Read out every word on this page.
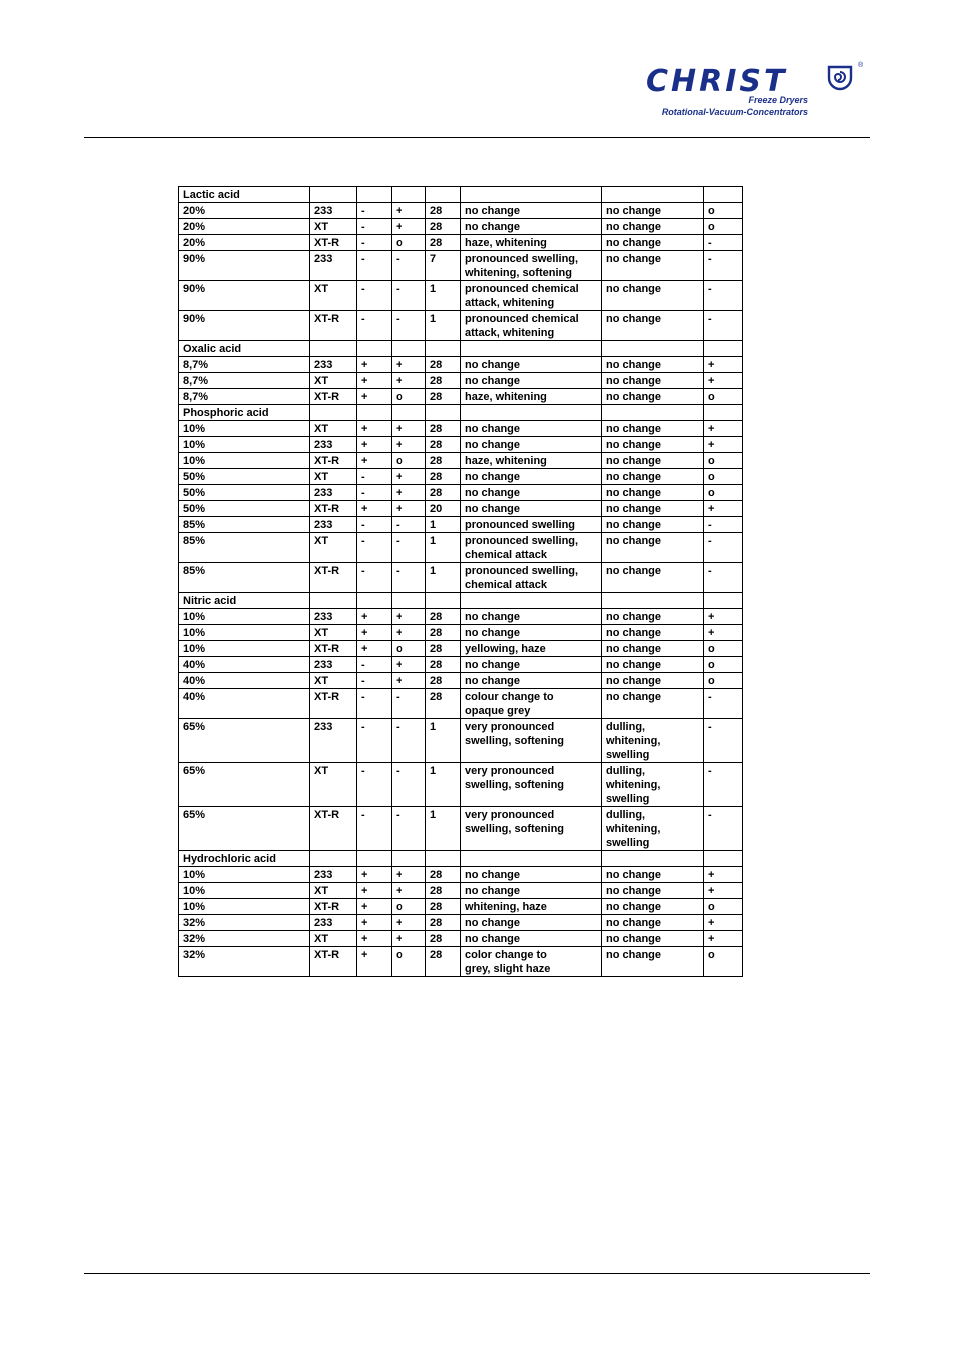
CHRIST	®
Freeze Dryers
Rotational-Vacuum-Concentrators
Lactic acid							
20%	233	-	+	28	no change	no change	o
20%	XT	-	+	28	no change	no change	o
20%	XT-R	-	o	28	haze, whitening	no change	-
90%	233	-	-	7	pronounced swelling,
whitening, softening	no change	-
90%	XT	-	-	1	pronounced chemical
attack, whitening	no change	-
90%	XT-R	-	-	1	pronounced chemical
attack, whitening	no change	-
Oxalic acid							
8,7%	233	+	+	28	no change	no change	+
8,7%	XT	+	+	28	no change	no change	+
8,7%	XT-R	+	o	28	haze, whitening	no change	o
Phosphoric acid							
10%	XT	+	+	28	no change	no change	+
10%	233	+	+	28	no change	no change	+
10%	XT-R	+	o	28	haze, whitening	no change	o
50%	XT	-	+	28	no change	no change	o
50%	233	-	+	28	no change	no change	o
50%	XT-R	+	+	20	no change	no change	+
85%	233	-	-	1	pronounced swelling	no change	-
85%	XT	-	-	1	pronounced swelling,
chemical attack	no change	-
85%	XT-R	-	-	1	pronounced swelling,
chemical attack	no change	-
Nitric acid							
10%	233	+	+	28	no change	no change	+
10%	XT	+	+	28	no change	no change	+
10%	XT-R	+	o	28	yellowing, haze	no change	o
40%	233	-	+	28	no change	no change	o
40%	XT	-	+	28	no change	no change	o
40%	XT-R	-	-	28	colour change to
opaque grey	no change	-
65%	233	-	-	1	very pronounced
swelling, softening	dulling,
whitening,
swelling	-
65%	XT	-	-	1	very pronounced
swelling, softening	dulling,
whitening,
swelling	-
65%	XT-R	-	-	1	very pronounced
swelling, softening	dulling,
whitening,
swelling	-
Hydrochloric acid							
10%	233	+	+	28	no change	no change	+
10%	XT	+	+	28	no change	no change	+
10%	XT-R	+	o	28	whitening, haze	no change	o
32%	233	+	+	28	no change	no change	+
32%	XT	+	+	28	no change	no change	+
32%	XT-R	+	o	28	color change to
grey, slight haze	no change	o
